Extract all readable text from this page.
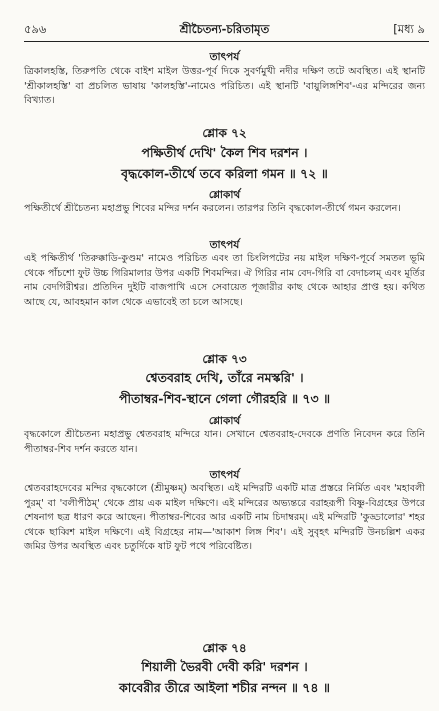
৫৯৬	শ্রীচৈতন্য-চরিতামৃত	[মধ্য ৯
তাৎপর্য
ত্রিকালহস্তি, তিরুপতি থেকে বাইশ মাইল উত্তর-পূর্ব দিকে সুবর্ণমুখী নদীর দক্ষিণ তটে অবস্থিত। এই স্থানটি 'শ্রীকালহস্তি' বা প্রচলিত ভাষায় 'কালহস্তি'-নামেও পরিচিত। এই স্থানটি 'বায়ুলিঙ্গশিব'-এর মন্দিরের জন্য বিখ্যাত।
শ্লোক ৭২
পক্ষিতীর্থ দেখি' কৈল শিব দরশন ।
বৃদ্ধকোল-তীর্থে তবে করিলা গমন ॥ ৭২ ॥
শ্লোকার্থ
পক্ষিতীর্থে শ্রীচৈতন্য মহাপ্রভু শিবের মন্দির দর্শন করলেন। তারপর তিনি বৃদ্ধকোল-তীর্থে গমন করলেন।
তাৎপর্য
এই পক্ষিতীর্থ 'তিরুক্কাডি-কুণ্ডম' নামেও পরিচিত এবং তা চিংলিপটের নয় মাইল দক্ষিণ-পূর্বে সমতল ভূমি থেকে পাঁচশো ফুট উচ্চ গিরিমালার উপর একটি শিবমন্দির। ঐ গিরির নাম বেদ-গিরি বা বেদাচলম্‌ এবং মূর্তির নাম বেদগিরীশ্বর। প্রতিদিন দুইটি বাজপাখি এসে সেবায়েত পূজারীর কাছ থেকে আহার প্রাপ্ত হয়। কথিত আছে যে, আবহমান কাল থেকে এভাবেই তা চলে আসছে।
শ্লোক ৭৩
শ্বেতবরাহ দেখি, তাঁরে নমস্করি' ।
পীতাম্বর-শিব-স্থানে গেলা গৌরহরি ॥ ৭৩ ॥
শ্লোকার্থ
বৃদ্ধকোলে শ্রীচৈতন্য মহাপ্রভু শ্বেতবরাহ মন্দিরে যান। সেখানে শ্বেতবরাহ-দেবকে প্রণতি নিবেদন করে তিনি পীতাম্বর-শিব দর্শন করতে যান।
তাৎপর্য
শ্বেতবরাহদেবের মন্দির বৃদ্ধকোলে (শ্রীমুষ্ণম্‌) অবস্থিত। এই মন্দিরটি একটি মাত্র প্রস্তরে নির্মিত এবং 'মহাবলী পুরম্‌' বা 'বলীপীঠম্‌' থেকে প্রায় এক মাইল দক্ষিণে। এই মন্দিরের অভ্যন্তরে বরাহরূপী বিষ্ণু-বিগ্রহের উপরে শেষনাগ ছত্র ধারণ করে আছেন। পীতাম্বর-শিবের আর একটি নাম চিদাম্বরম্‌। এই মন্দিরটি 'কুড্ডালোর' শহর থেকে ছাব্বিশ মাইল দক্ষিণে। এই বিগ্রহের নাম—'আকাশ লিঙ্গ শিব'। এই সুবৃহৎ মন্দিরটি উনচল্লিশ একর জমির উপর অবস্থিত এবং চতুর্দিকে ষাট ফুট পথে পরিবেষ্টিত।
শ্লোক ৭৪
শিয়ালী ভৈরবী দেবী করি' দরশন ।
কাবেরীর তীরে আইলা শচীর নন্দন ॥ ৭৪ ॥
